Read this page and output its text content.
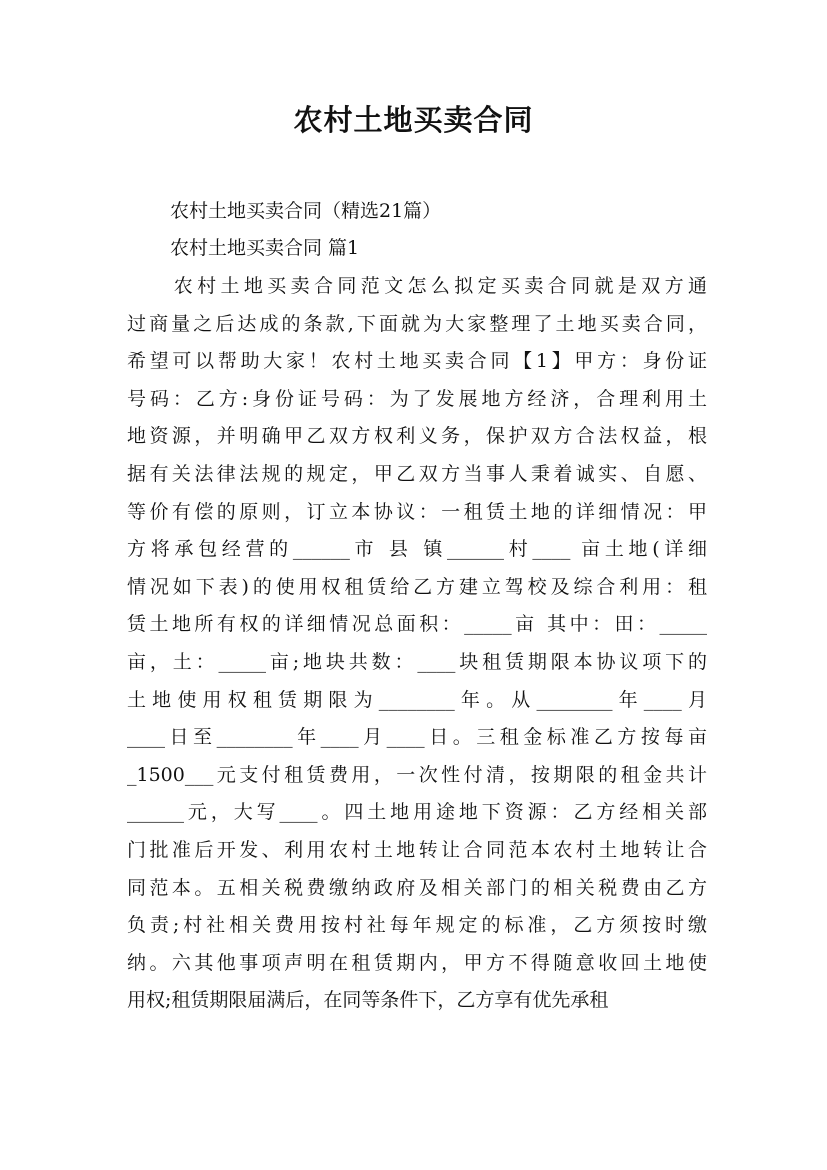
农村土地买卖合同
农村土地买卖合同（精选21篇）
农村土地买卖合同 篇1
　　农村土地买卖合同范文怎么拟定买卖合同就是双方通
过商量之后达成的条款,下面就为大家整理了土地买卖合同，
希望可以帮助大家！农村土地买卖合同【1】甲方：身份证
号码：乙方:身份证号码：为了发展地方经济，合理利用土
地资源，并明确甲乙双方权利义务，保护双方合法权益，根
据有关法律法规的规定，甲乙双方当事人秉着诚实、自愿、
等价有偿的原则，订立本协议：一租赁土地的详细情况：甲
方将承包经营的______市 县 镇______村____ 亩土地(详细
情况如下表)的使用权租赁给乙方建立驾校及综合利用：租
赁土地所有权的详细情况总面积：_____亩 其中：田：_____
亩，土：_____亩;地块共数：____块租赁期限本协议项下的
土地使用权租赁期限为________年。从________年____月
____日至________年____月____日。三租金标准乙方按每亩
_1500___元支付租赁费用，一次性付清，按期限的租金共计
______元，大写____。四土地用途地下资源：乙方经相关部
门批准后开发、利用农村土地转让合同范本农村土地转让合
同范本。五相关税费缴纳政府及相关部门的相关税费由乙方
负责;村社相关费用按村社每年规定的标准，乙方须按时缴
纳。六其他事项声明在租赁期内，甲方不得随意收回土地使
用权;租赁期限届满后，在同等条件下，乙方享有优先承租
